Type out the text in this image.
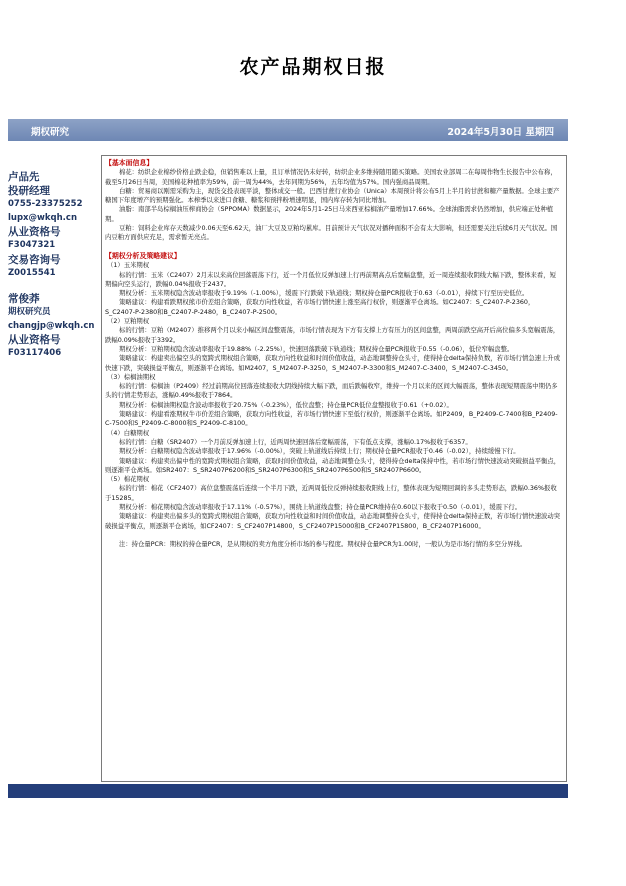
农产品期权日报
期权研究	2024年5月30日 星期四
卢品先
投研经理
0755-23375252
lupx@wkqh.cn
从业资格号
F3047321
交易咨询号
Z0015541
常俊莽
期权研究员
changjp@wkqh.cn
从业资格号
F03117406

【基本面信息】

棉花：纺织企业棉纱价格止跌企稳，但销售难以上量，且订单情况仍未好转，纺织企业多维持随用随买策略。美国农业部周二在每周作物生长报告中公布称，截至5月26日当周，美国棉花种植率为59%，前一周为44%，去年同期为56%，五年均值为57%。国内强商品周期。

白糖：贸易商以刚需采购为主，现货交投表现平淡，整体成交一般。巴西甘蔗行业协会（Unica）本周预计将公布5月上半月的甘蔗和糖产量数据。全球主要产糖国下年度增产的预期强化。本榨季以来进口食糖、糖浆和预拌粉增速明显，国内库存转为同比增加。

油脂：南部半岛棕榈油压榨商协会（SPPOMA）数据显示，2024年5月1-25日马来西亚棕榈油产量增加17.66%。全球油脂需求仍然增加，供应端正处种植期。

豆粕：饲料企业库存天数减少0.06天至6.62天，油厂大豆及豆粕均累库。目前预计天气状况对播种面积不会有太大影响，但还需要关注后续6月天气状况。国内豆粕方面供应充足，需求暂无亮点。

【期权分析及策略建议】

（1）玉米期权

标的行情：玉米（C2407）2月末以来高位回落震荡下行，近一个月低位反弹加速上行再前期高点后宽幅盘整，近一周连续报收阴线大幅下跌，整体来看，短期偏向空头运行，跌幅0.04%报收于2437。

期权分析：玉米期权隐含波动率报收于9.19%（-1.00%），缓震下行跌破下轨道线；期权持仓量PCR报收于0.63（-0.01），持续下行至历史低位。

策略建议：构建看跌期权熊市价差组合策略，获取方向性收益，若市场行情快速上涨至高行权价，则逐渐平仓离场。如C2407：S_C2407-P-2360，S_C2407-P-2380和B_C2407-P-2480，B_C2407-P-2500。

（2）豆粕期权

标的行情：豆粕（M2407）推移两个月以来小幅区间盘整震荡，市场行情表现为下方有支撑上方有压力的区间盘整，两周前跌空高开后高位偏多头宽幅震荡，跌幅0.09%报收于3392。

期权分析：豆粕期权隐含波动率报收于19.88%（-2.25%），快速回落跌破下轨道线；期权持仓量PCR报收于0.55（-0.06），低位窄幅盘整。

策略建议：构建卖出偏空头的宽跨式期权组合策略，获取方向性收益和时间价值收益，动态地调整持仓头寸，使得持仓delta保持负数，若市场行情急速上升或快速下跌，突破损益平衡点，则逐渐平仓离场。如M2407，S_M2407-P-3250，S_M2407-P-3300和S_M2407-C-3400，S_M2407-C-3450。

（3）棕榈油期权

标的行情：棕榈油（P2409）经过前期高位回落连续报收大阴线持续大幅下跌，而后跌幅收窄，维持一个月以来的区间大幅震荡，整体表现短期震荡中期仍多头的行情走势形态，涨幅0.49%报收于7864。

期权分析：棕榈油期权隐含波动率报收于20.75%（-0.23%），低位盘整；持仓量PCR低位盘整报收于0.61（+0.02）。

策略建议：构建看涨期权牛市价差组合策略，获取方向性收益，若市场行情快速下至低行权价，则逐渐平仓离场。如P2409，B_P2409-C-7400和B_P2409-C-7500和S_P2409-C-8000和S_P2409-C-8100。

（4）白糖期权

标的行情：白糖（SR2407）一个月前反弹加速上行，近两周快速回落后宽幅震荡，下有低点支撑，涨幅0.17%报收于6357。

期权分析：白糖期权隐含波动率报收于17.96%（-0.00%），突破上轨道线后持续上行；期权持仓量PCR报收于0.46（-0.02），持续缓慢下行。

策略建议：构建卖出偏中性的宽跨式期权组合策略，获取时间价值收益，动态地调整仓头寸，使得持仓delta保持中性，若市场行情快速波动突破损益平衡点，则逐渐平仓离场。如SR2407：S_SR2407P6200和S_SR2407P6300和S_SR2407P6500和S_SR2407P6600。

（5）棉花期权

标的行情：棉花（CF2407）高位盘整震荡后连续一个半月下跌，近两周低位反弹持续报收阳线上行，整体表现为短期回调的多头走势形态，跌幅0.36%报收于15285。

期权分析：棉花期权隐含波动率报收于17.11%（-0.57%），围绕上轨道线盘整；持仓量PCR维持在0.60以下报收于0.50（-0.01），缓震下行。

策略建议：构建卖出偏多头的宽跨式期权组合策略，获取方向性收益和时间价值收益，动态地调整持仓头寸，使得持仓delta保持正数，若市场行情快速波动突破损益平衡点，则逐渐平仓离场，如CF2407：S_CF2407P14800，S_CF2407P15000和B_CF2407P15800，B_CF2407P16000。

注：持仓量PCR：期权的持仓量PCR，是从期权的卖方角度分析市场的参与程度。期权持仓量PCR为1.00时，一般认为是市场行情的多空分界线。
